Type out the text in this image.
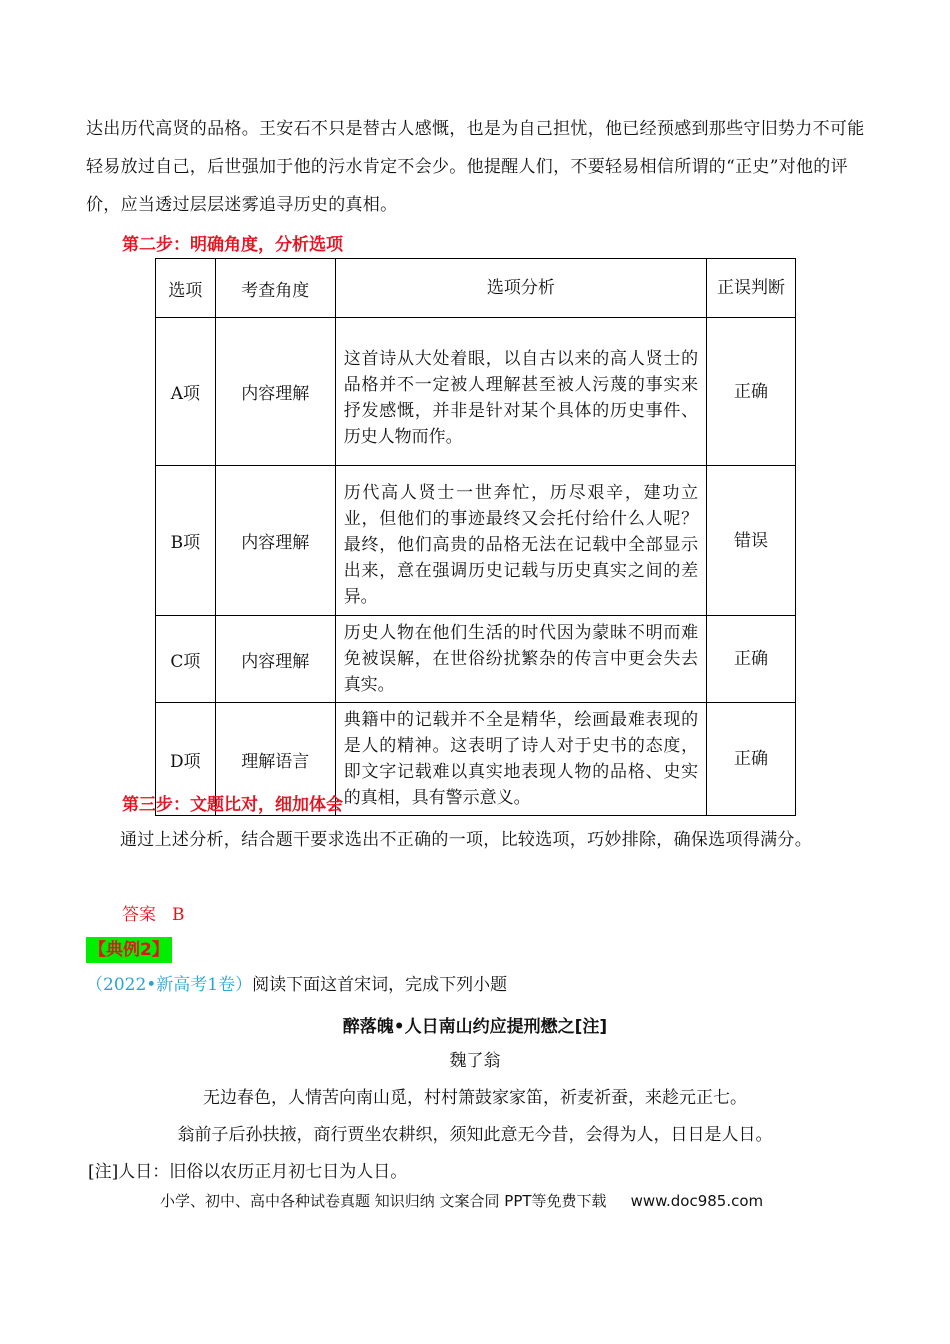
达出历代高贤的品格。王安石不只是替古人感慨，也是为自己担忧，他已经预感到那些守旧势力不可能轻易放过自己，后世强加于他的污水肯定不会少。他提醒人们，不要轻易相信所谓的“正史”对他的评价，应当透过层层迷雾追寻历史的真相。

第二步：明确角度，分析选项

选项	考查角度	选项分析	正误判断
A项	内容理解	这首诗从大处着眼，以自古以来的高人贤士的品格并不一定被人理解甚至被人污蔑的事实来抒发感慨，并非是针对某个具体的历史事件、历史人物而作。	正确
B项	内容理解	历代高人贤士一世奔忙，历尽艰辛，建功立业，但他们的事迹最终又会托付给什么人呢？最终，他们高贵的品格无法在记载中全部显示出来，意在强调历史记载与历史真实之间的差异。	错误
C项	内容理解	历史人物在他们生活的时代因为蒙昧不明而难免被误解，在世俗纷扰繁杂的传言中更会失去真实。	正确
D项	理解语言	典籍中的记载并不全是精华，绘画最难表现的是人的精神。这表明了诗人对于史书的态度，即文字记载难以真实地表现人物的品格、史实的真相，具有警示意义。	正确

第三步：文题比对，细加体会

通过上述分析，结合题干要求选出不正确的一项，比较选项，巧妙排除，确保选项得满分。

答案 B

【典例2】

（2022•新高考1卷）阅读下面这首宋词，完成下列小题

醉落魄•人日南山约应提刑懋之[注]

魏了翁

无边春色，人情苦向南山觅，村村箫鼓家家笛，祈麦祈蚕，来趁元正七。

翁前子后孙扶掖，商行贾坐农耕织，须知此意无今昔，会得为人，日日是人日。

[注]人日：旧俗以农历正月初七日为人日。

小学、初中、高中各种试卷真题 知识归纳 文案合同 PPT等免费下载 www.doc985.com
